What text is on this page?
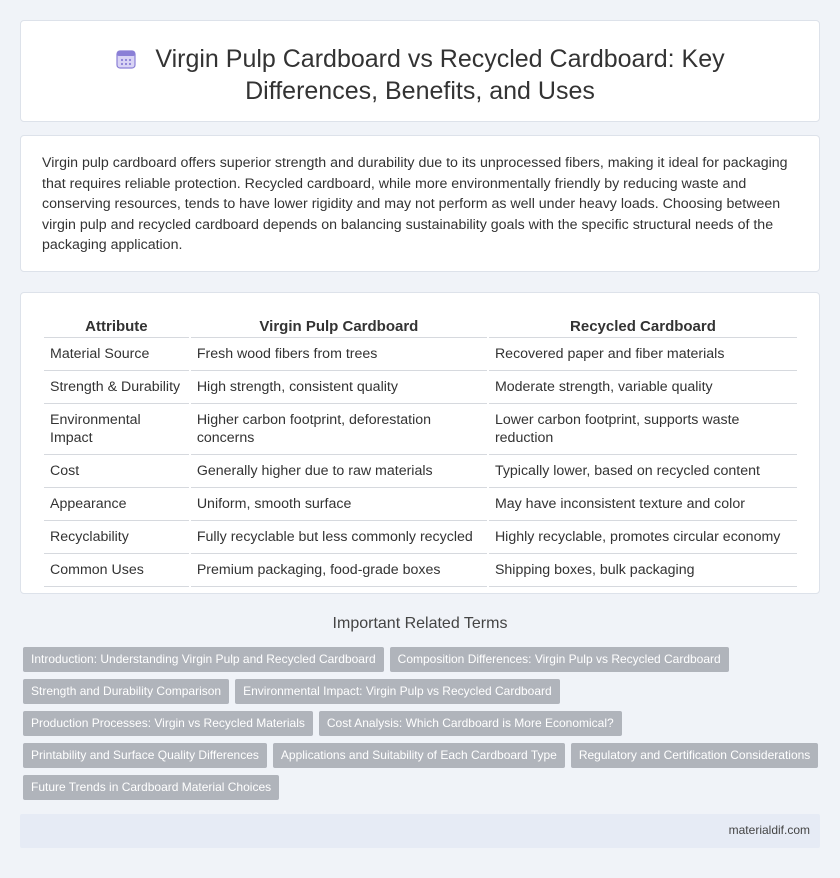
Virgin Pulp Cardboard vs Recycled Cardboard: Key Differences, Benefits, and Uses

Virgin pulp cardboard offers superior strength and durability due to its unprocessed fibers, making it ideal for packaging that requires reliable protection. Recycled cardboard, while more environmentally friendly by reducing waste and conserving resources, tends to have lower rigidity and may not perform as well under heavy loads. Choosing between virgin pulp and recycled cardboard depends on balancing sustainability goals with the specific structural needs of the packaging application.

Attribute	Virgin Pulp Cardboard	Recycled Cardboard
Material Source	Fresh wood fibers from trees	Recovered paper and fiber materials
Strength & Durability	High strength, consistent quality	Moderate strength, variable quality
Environmental Impact	Higher carbon footprint, deforestation concerns	Lower carbon footprint, supports waste reduction
Cost	Generally higher due to raw materials	Typically lower, based on recycled content
Appearance	Uniform, smooth surface	May have inconsistent texture and color
Recyclability	Fully recyclable but less commonly recycled	Highly recyclable, promotes circular economy
Common Uses	Premium packaging, food-grade boxes	Shipping boxes, bulk packaging
Important Related Terms
Introduction: Understanding Virgin Pulp and Recycled Cardboard Composition Differences: Virgin Pulp vs Recycled Cardboard
Strength and Durability Comparison Environmental Impact: Virgin Pulp vs Recycled Cardboard
Production Processes: Virgin vs Recycled Materials Cost Analysis: Which Cardboard is More Economical?
Printability and Surface Quality Differences Applications and Suitability of Each Cardboard Type Regulatory and Certification Considerations
Future Trends in Cardboard Material Choices
materialdif.com
